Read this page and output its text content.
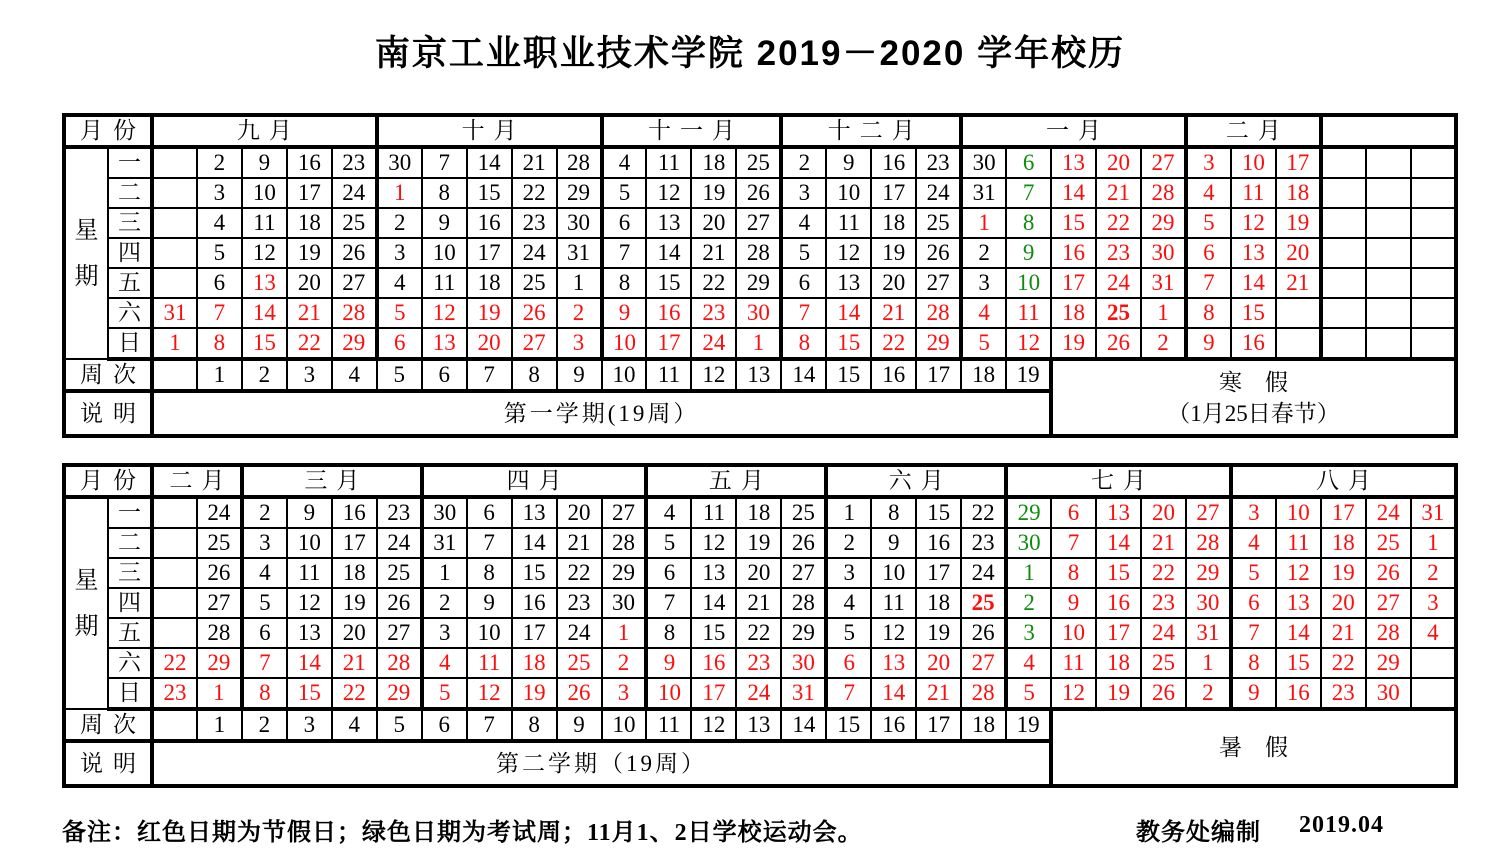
南京工业职业技术学院 2019－2020 学年校历
月份		九月					十月					十一月				十二月				一月					二月					

星
期	一		2	9	16	23	30	7	14	21	28	4	11	18	25	2	9	16	23	30	6	13	20	27	3	10	17			
	二		3	10	17	24	1	8	15	22	29	5	12	19	26	3	10	17	24	31	7	14	21	28	4	11	18			
	三		4	11	18	25	2	9	16	23	30	6	13	20	27	4	11	18	25	1	8	15	22	29	5	12	19			
	四		5	12	19	26	3	10	17	24	31	7	14	21	28	5	12	19	26	2	9	16	23	30	6	13	20			
	五		6	13	20	27	4	11	18	25	1	8	15	22	29	6	13	20	27	3	10	17	24	31	7	14	21			
	六	31	7	14	21	28	5	12	19	26	2	9	16	23	30	7	14	21	28	4	11	18	25	1	8	15				
	日	1	8	15	22	29	6	13	20	27	3	10	17	24	1	8	15	22	29	5	12	19	26	2	9	16				
周次			1	2	3	4	5	6	7	8	9	10	11	12	13	14	15	16	17	18	19	寒　假
（1月25日春节）								

说明		第一学期(19周）																												
月份		二月		三月				四月					五月				六月				七月					八月				

星
期	一		24	2	9	16	23	30	6	13	20	27	4	11	18	25	1	8	15	22	29	6	13	20	27	3	10	17	24	31
	二		25	3	10	17	24	31	7	14	21	28	5	12	19	26	2	9	16	23	30	7	14	21	28	4	11	18	25	1
	三		26	4	11	18	25	1	8	15	22	29	6	13	20	27	3	10	17	24	1	8	15	22	29	5	12	19	26	2
	四		27	5	12	19	26	2	9	16	23	30	7	14	21	28	4	11	18	25	2	9	16	23	30	6	13	20	27	3
	五		28	6	13	20	27	3	10	17	24	1	8	15	22	29	5	12	19	26	3	10	17	24	31	7	14	21	28	4
	六	22	29	7	14	21	28	4	11	18	25	2	9	16	23	30	6	13	20	27	4	11	18	25	1	8	15	22	29	
	日	23	1	8	15	22	29	5	12	19	26	3	10	17	24	31	7	14	21	28	5	12	19	26	2	9	16	23	30	
周次			1	2	3	4	5	6	7	8	9	10	11	12	13	14	15	16	17	18	19	暑　假								

说明		第二学期（19周）																												
备注：红色日期为节假日；绿色日期为考试周；11月1、2日学校运动会。	教务处编制 2019.04
